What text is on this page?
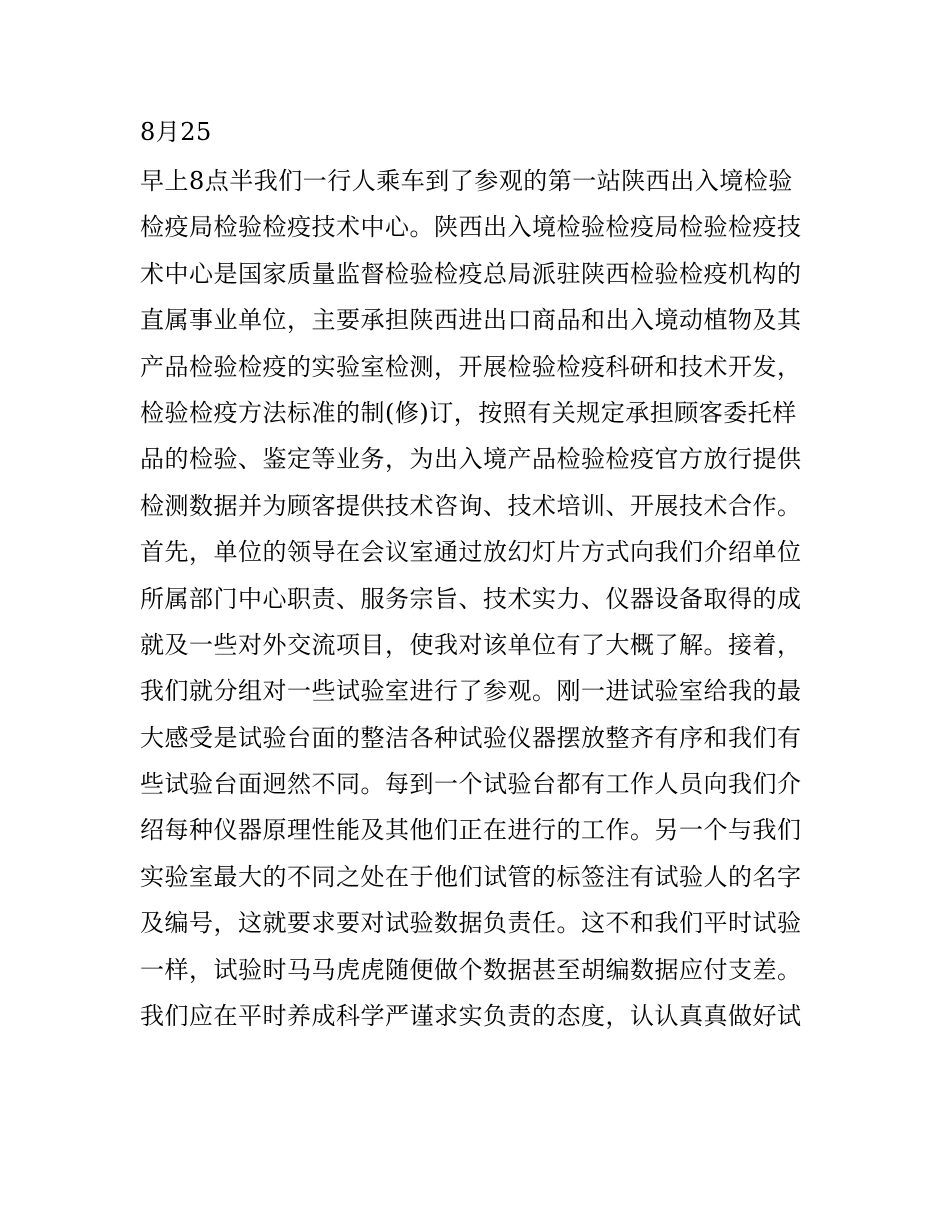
8月25
早上8点半我们一行人乘车到了参观的第一站陕西出入境检验
检疫局检验检疫技术中心。陕西出入境检验检疫局检验检疫技
术中心是国家质量监督检验检疫总局派驻陕西检验检疫机构的
直属事业单位，主要承担陕西进出口商品和出入境动植物及其
产品检验检疫的实验室检测，开展检验检疫科研和技术开发，
检验检疫方法标准的制(修)订，按照有关规定承担顾客委托样
品的检验、鉴定等业务，为出入境产品检验检疫官方放行提供
检测数据并为顾客提供技术咨询、技术培训、开展技术合作。
首先，单位的领导在会议室通过放幻灯片方式向我们介绍单位
所属部门中心职责、服务宗旨、技术实力、仪器设备取得的成
就及一些对外交流项目，使我对该单位有了大概了解。接着，
我们就分组对一些试验室进行了参观。刚一进试验室给我的最
大感受是试验台面的整洁各种试验仪器摆放整齐有序和我们有
些试验台面迥然不同。每到一个试验台都有工作人员向我们介
绍每种仪器原理性能及其他们正在进行的工作。另一个与我们
实验室最大的不同之处在于他们试管的标签注有试验人的名字
及编号，这就要求要对试验数据负责任。这不和我们平时试验
一样，试验时马马虎虎随便做个数据甚至胡编数据应付支差。
我们应在平时养成科学严谨求实负责的态度，认认真真做好试
